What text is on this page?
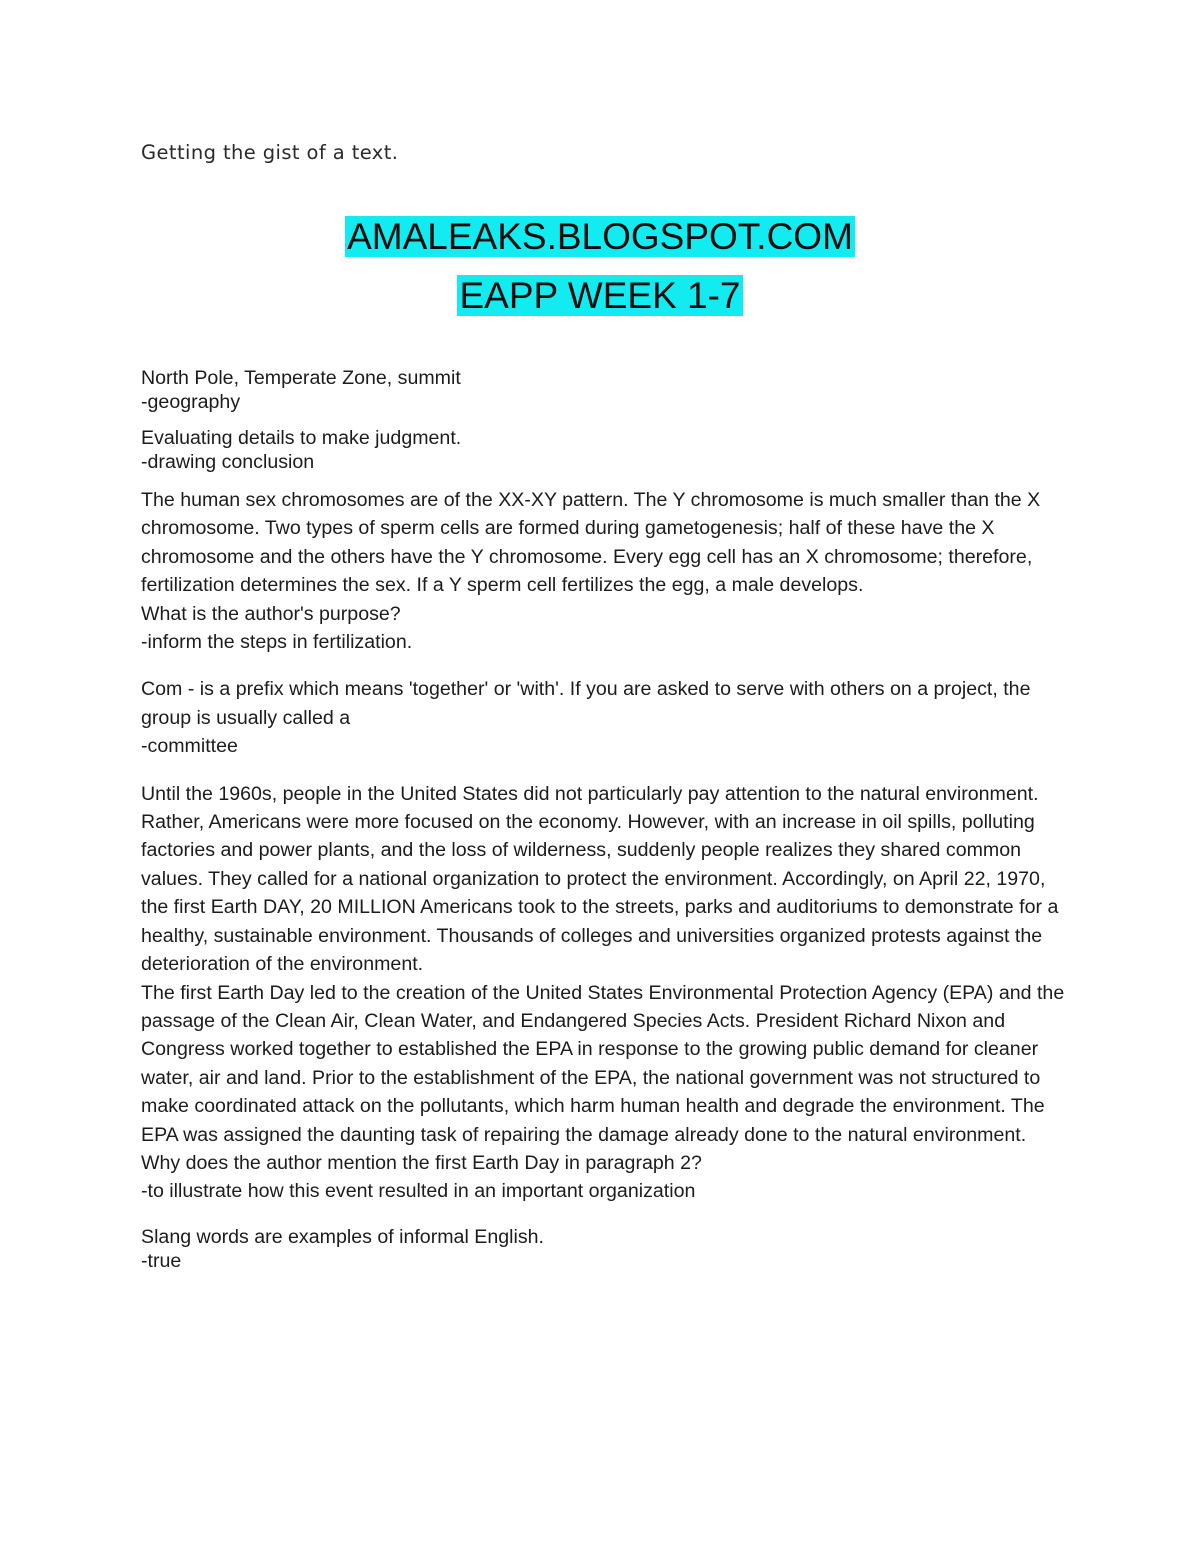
Getting the gist of a text.
AMALEAKS.BLOGSPOT.COM
EAPP WEEK 1-7

North Pole, Temperate Zone, summit

-geography

Evaluating details to make judgment.

-drawing conclusion

The human sex chromosomes are of the XX-XY pattern. The Y chromosome is much smaller than the X chromosome. Two types of sperm cells are formed during gametogenesis; half of these have the X chromosome and the others have the Y chromosome. Every egg cell has an X chromosome; therefore, fertilization determines the sex. If a Y sperm cell fertilizes the egg, a male develops.

What is the author's purpose?

-inform the steps in fertilization.

Com - is a prefix which means 'together' or 'with'. If you are asked to serve with others on a project, the group is usually called a

-committee

Until the 1960s, people in the United States did not particularly pay attention to the natural environment. Rather, Americans were more focused on the economy. However, with an increase in oil spills, polluting factories and power plants, and the loss of wilderness, suddenly people realizes they shared common values. They called for a national organization to protect the environment. Accordingly, on April 22, 1970, the first Earth DAY, 20 MILLION Americans took to the streets, parks and auditoriums to demonstrate for a healthy, sustainable environment. Thousands of colleges and universities organized protests against the deterioration of the environment.

The first Earth Day led to the creation of the United States Environmental Protection Agency (EPA) and the passage of the Clean Air, Clean Water, and Endangered Species Acts. President Richard Nixon and Congress worked together to established the EPA in response to the growing public demand for cleaner water, air and land. Prior to the establishment of the EPA, the national government was not structured to make coordinated attack on the pollutants, which harm human health and degrade the environment. The EPA was assigned the daunting task of repairing the damage already done to the natural environment.

Why does the author mention the first Earth Day in paragraph 2?

-to illustrate how this event resulted in an important organization

Slang words are examples of informal English.

-true
